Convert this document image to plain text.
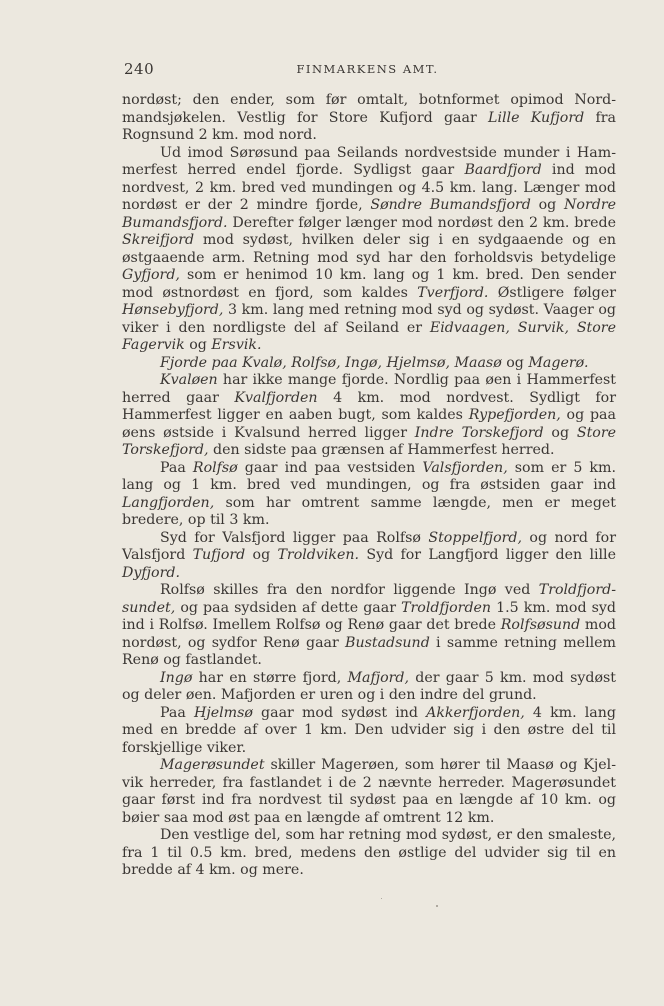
240	FINMARKENS AMT.

nordøst; den ender, som før omtalt, botnformet opimod Nordmandsjøkelen. Vestlig for Store Kufjord gaar Lille Kufjord fra Rognsund 2 km. mod nord.

Ud imod Sørøsund paa Seilands nordvestside munder i Hammerfest herred endel fjorde. Sydligst gaar Baardfjord ind mod nordvest, 2 km. bred ved mundingen og 4.5 km. lang. Længer mod nordøst er der 2 mindre fjorde, Søndre Bumandsfjord og Nordre Bumandsfjord. Derefter følger længer mod nordøst den 2 km. brede Skreifjord mod sydøst, hvilken deler sig i en sydgaaende og en østgaaende arm. Retning mod syd har den forholdsvis betydelige Gyfjord, som er henimod 10 km. lang og 1 km. bred. Den sender mod østnordøst en fjord, som kaldes Tverfjord. Østligere følger Hønsebyfjord, 3 km. lang med retning mod syd og sydøst. Vaager og viker i den nordligste del af Seiland er Eidvaagen, Survik, Store Fagervik og Ersvik.

Fjorde paa Kvalø, Rolfsø, Ingø, Hjelmsø, Maasø og Magerø.

Kvaløen har ikke mange fjorde. Nordlig paa øen i Hammerfest herred gaar Kvalfjorden 4 km. mod nordvest. Sydligt for Hammerfest ligger en aaben bugt, som kaldes Rypefjorden, og paa øens østside i Kvalsund herred ligger Indre Torskefjord og Store Torskefjord, den sidste paa grænsen af Hammerfest herred.

Paa Rolfsø gaar ind paa vestsiden Valsfjorden, som er 5 km. lang og 1 km. bred ved mundingen, og fra østsiden gaar ind Langfjorden, som har omtrent samme længde, men er meget bredere, op til 3 km.

Syd for Valsfjord ligger paa Rolfsø Stoppelfjord, og nord for Valsfjord Tufjord og Troldviken. Syd for Langfjord ligger den lille Dyfjord.

Rolfsø skilles fra den nordfor liggende Ingø ved Troldfjordsundet, og paa sydsiden af dette gaar Troldfjorden 1.5 km. mod syd ind i Rolfsø. Imellem Rolfsø og Renø gaar det brede Rolfsøsund mod nordøst, og sydfor Renø gaar Bustadsund i samme retning mellem Renø og fastlandet.

Ingø har en større fjord, Mafjord, der gaar 5 km. mod sydøst og deler øen. Mafjorden er uren og i den indre del grund.

Paa Hjelmsø gaar mod sydøst ind Akkerfjorden, 4 km. lang med en bredde af over 1 km. Den udvider sig i den østre del til forskjellige viker.

Magerøsundet skiller Magerøen, som hører til Maasø og Kjelvik herreder, fra fastlandet i de 2 nævnte herreder. Magerøsundet gaar først ind fra nordvest til sydøst paa en længde af 10 km. og bøier saa mod øst paa en længde af omtrent 12 km.

Den vestlige del, som har retning mod sydøst, er den smaleste, fra 1 til 0.5 km. bred, medens den østlige del udvider sig til en bredde af 4 km. og mere.
